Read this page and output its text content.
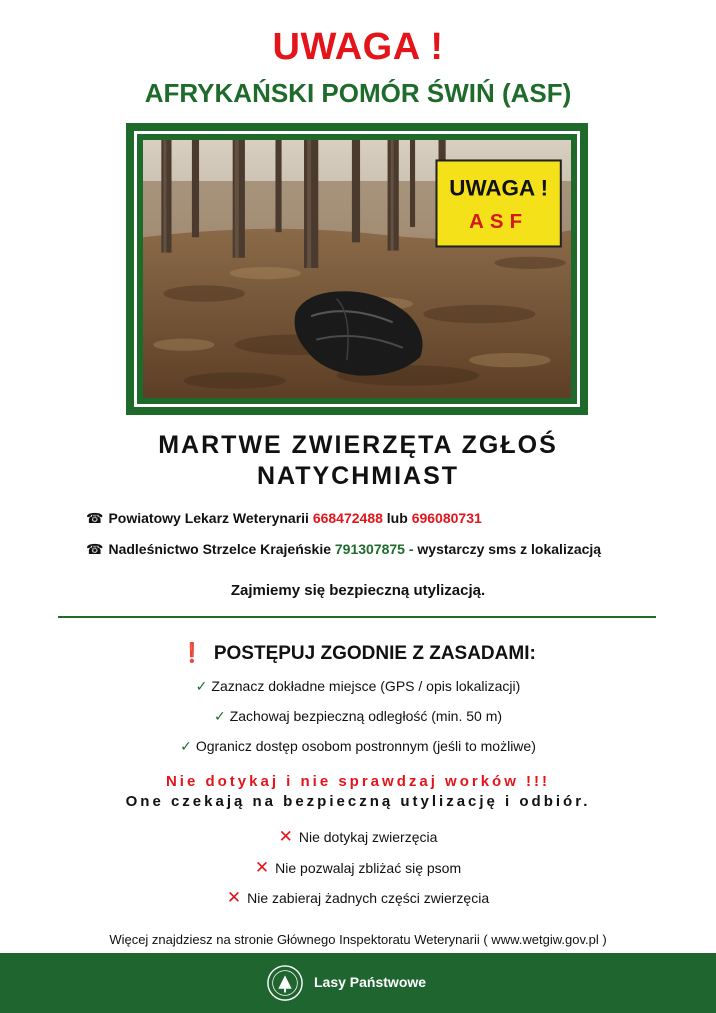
UWAGA !
AFRYKAŃSKI POMÓR ŚWIŃ (ASF)
UWAGA !
ASF
MARTWE ZWIERZĘTA ZGŁOŚ
NATYCHMIAST
☎ Powiatowy Lekarz Weterynarii 668472488 lub 696080731
☎ Nadleśnictwo Strzelce Krajeńskie 791307875 - wystarczy sms z lokalizacją
Zajmiemy się bezpieczną utylizacją.
❗ POSTĘPUJ ZGODNIE Z ZASADAMI:
✓ Zaznacz dokładne miejsce (GPS / opis lokalizacji)
✓ Zachowaj bezpieczną odległość (min. 50 m)
✓ Ogranicz dostęp osobom postronnym (jeśli to możliwe)
Nie dotykaj i nie sprawdzaj worków !!!
One czekają na bezpieczną utylizację i odbiór.
✕ Nie dotykaj zwierzęcia
✕ Nie pozwalaj zbliżać się psom
✕ Nie zabieraj żadnych części zwierzęcia
Więcej znajdziesz na stronie Głównego Inspektoratu Weterynarii ( www.wetgiw.gov.pl )
Lasy Państwowe
